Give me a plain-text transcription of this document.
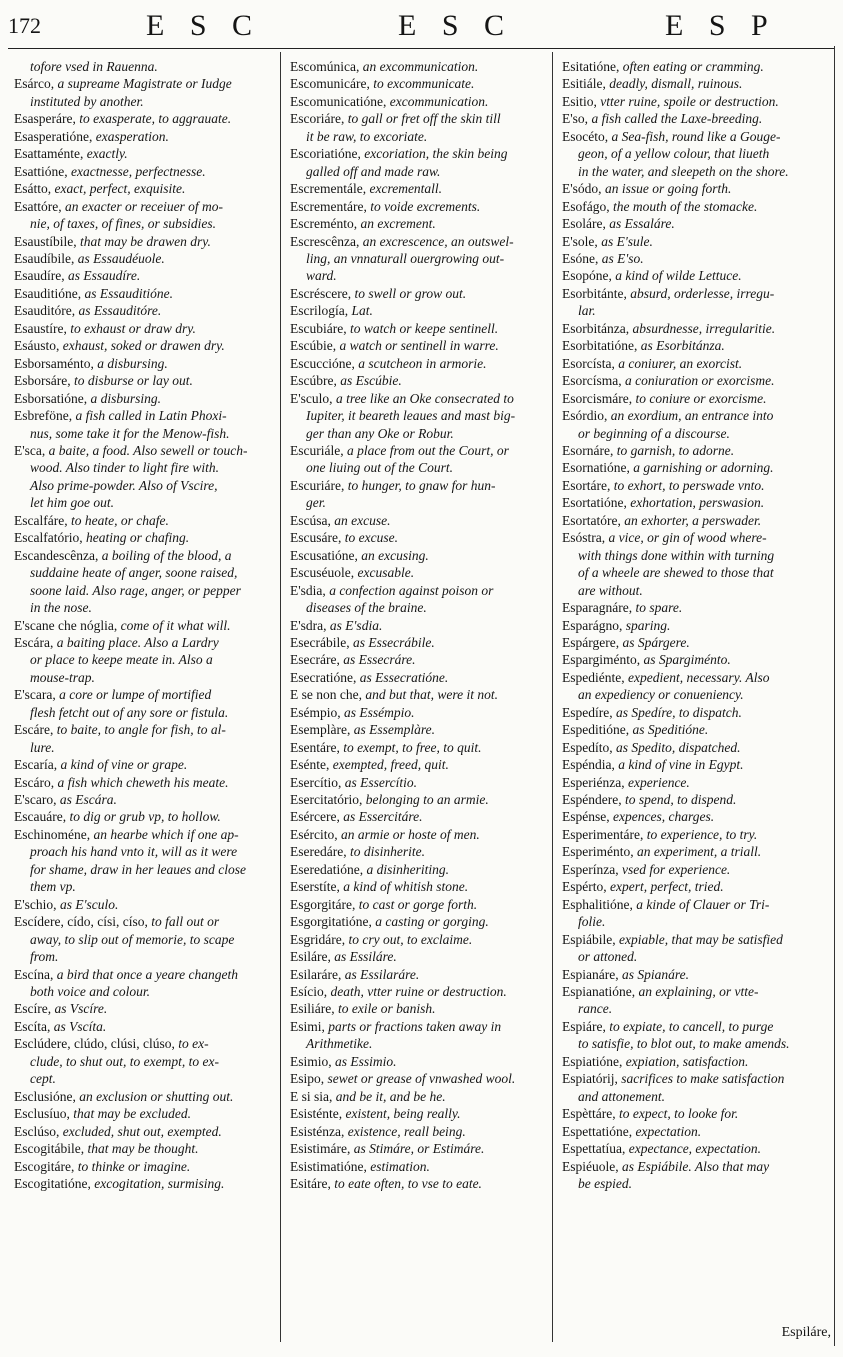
172	E S C	E S C	E S P
tofore vsed in Rauenna.
Esárco, a supreame Magistrate or Iudge
instituted by another.
Esasperáre, to exasperate, to aggrauate.
Esasperatióne, exasperation.
Esattaménte, exactly.
Esattióne, exactnesse, perfectnesse.
Esátto, exact, perfect, exquisite.
Esattóre, an exacter or receiuer of mo-
nie, of taxes, of fines, or subsidies.
Esaustíbile, that may be drawen dry.
Esaudíbile, as Essaudéuole.
Esaudíre, as Essaudíre.
Esauditióne, as Essauditióne.
Esauditóre, as Essauditóre.
Esaustíre, to exhaust or draw dry.
Esáusto, exhaust, soked or drawen dry.
Esborsaménto, a disbursing.
Esborsáre, to disburse or lay out.
Esborsatióne, a disbursing.
Esbreföne, a fish called in Latin Phoxi-
nus, some take it for the Menow-fish.
E'sca, a baite, a food. Also sewell or touch-
wood. Also tinder to light fire with.
Also prime-powder. Also of Vscire,
let him goe out.
Escalfáre, to heate, or chafe.
Escalfatório, heating or chafing.
Escandescênza, a boiling of the blood, a
suddaine heate of anger, soone raised,
soone laid. Also rage, anger, or pepper
in the nose.
E'scane che nóglia, come of it what will.
Escára, a baiting place. Also a Lardry
or place to keepe meate in. Also a
mouse-trap.
E'scara, a core or lumpe of mortified
flesh fetcht out of any sore or fistula.
Escáre, to baite, to angle for fish, to al-
lure.
Escaría, a kind of vine or grape.
Escáro, a fish which cheweth his meate.
E'scaro, as Escára.
Escauáre, to dig or grub vp, to hollow.
Eschinoméne, an hearbe which if one ap-
proach his hand vnto it, will as it were
for shame, draw in her leaues and close
them vp.
E'schio, as E'sculo.
Escídere, cído, císi, císo, to fall out or
away, to slip out of memorie, to scape
from.
Escína, a bird that once a yeare changeth
both voice and colour.
Escíre, as Vscíre.
Escíta, as Vscíta.
Esclúdere, clúdo, clúsi, clúso, to ex-
clude, to shut out, to exempt, to ex-
cept.
Esclusióne, an exclusion or shutting out.
Esclusíuo, that may be excluded.
Esclúso, excluded, shut out, exempted.
Escogitábile, that may be thought.
Escogitáre, to thinke or imagine.
Escogitatióne, excogitation, surmising.
Escomúnica, an excommunication.
Escomunicáre, to excommunicate.
Escomunicatióne, excommunication.
Escoriáre, to gall or fret off the skin till
it be raw, to excoriate.
Escoriatióne, excoriation, the skin being
galled off and made raw.
Escrementále, excrementall.
Escrementáre, to voide excrements.
Escreménto, an excrement.
Escrescênza, an excrescence, an outswel-
ling, an vnnaturall ouergrowing out-
ward.
Escréscere, to swell or grow out.
Escrilogía, Lat.
Escubiáre, to watch or keepe sentinell.
Escúbie, a watch or sentinell in warre.
Escuccióne, a scutcheon in armorie.
Escúbre, as Escúbie.
E'sculo, a tree like an Oke consecrated to
Iupiter, it beareth leaues and mast big-
ger than any Oke or Robur.
Escuriále, a place from out the Court, or
one liuing out of the Court.
Escuriáre, to hunger, to gnaw for hun-
ger.
Escúsa, an excuse.
Escusáre, to excuse.
Escusatióne, an excusing.
Escuséuole, excusable.
E'sdia, a confection against poison or
diseases of the braine.
E'sdra, as E'sdia.
Esecrábile, as Essecrábile.
Esecráre, as Essecráre.
Esecratióne, as Essecratióne.
E se non che, and but that, were it not.
Esémpio, as Essémpio.
Esemplàre, as Essemplàre.
Esentáre, to exempt, to free, to quit.
Esénte, exempted, freed, quit.
Esercítio, as Essercítio.
Esercitatório, belonging to an armie.
Esércere, as Essercitáre.
Esército, an armie or hoste of men.
Eseredáre, to disinherite.
Eseredatióne, a disinheriting.
Eserstíte, a kind of whitish stone.
Esgorgitáre, to cast or gorge forth.
Esgorgitatióne, a casting or gorging.
Esgridáre, to cry out, to exclaime.
Esiláre, as Essiláre.
Esilaráre, as Essilaráre.
Esício, death, vtter ruine or destruction.
Esiliáre, to exile or banish.
Esimi, parts or fractions taken away in
Arithmetike.
Esimio, as Essimio.
Esipo, sewet or grease of vnwashed wool.
E si sia, and be it, and be he.
Esisténte, existent, being really.
Esisténza, existence, reall being.
Esistimáre, as Stimáre, or Estimáre.
Esistimatióne, estimation.
Esitáre, to eate often, to vse to eate.
Esitatióne, often eating or cramming.
Esitiále, deadly, dismall, ruinous.
Esitio, vtter ruine, spoile or destruction.
E'so, a fish called the Laxe-breeding.
Esocéto, a Sea-fish, round like a Gouge-
geon, of a yellow colour, that liueth
in the water, and sleepeth on the shore.
E'sódo, an issue or going forth.
Esofágo, the mouth of the stomacke.
Esoláre, as Essaláre.
E'sole, as E'sule.
Esóne, as E'so.
Esopóne, a kind of wilde Lettuce.
Esorbitánte, absurd, orderlesse, irregu-
lar.
Esorbitánza, absurdnesse, irregularitie.
Esorbitatióne, as Esorbitánza.
Esorcísta, a coniurer, an exorcist.
Esorcísma, a coniuration or exorcisme.
Esorcismáre, to coniure or exorcisme.
Esórdio, an exordium, an entrance into
or beginning of a discourse.
Esornáre, to garnish, to adorne.
Esornatióne, a garnishing or adorning.
Esortáre, to exhort, to perswade vnto.
Esortatióne, exhortation, perswasion.
Esortatóre, an exhorter, a perswader.
Esóstra, a vice, or gin of wood where-
with things done within with turning
of a wheele are shewed to those that
are without.
Esparagnáre, to spare.
Esparágno, sparing.
Espárgere, as Spárgere.
Espargiménto, as Spargiménto.
Espediénte, expedient, necessary. Also
an expediency or conueniency.
Espedíre, as Spedíre, to dispatch.
Espeditióne, as Speditióne.
Espedíto, as Spedito, dispatched.
Espéndia, a kind of vine in Egypt.
Esperiénza, experience.
Espéndere, to spend, to dispend.
Espénse, expences, charges.
Esperimentáre, to experience, to try.
Esperiménto, an experiment, a triall.
Esperínza, vsed for experience.
Espérto, expert, perfect, tried.
Esphalitióne, a kinde of Clauer or Tri-
folie.
Espiábile, expiable, that may be satisfied
or attoned.
Espianáre, as Spianáre.
Espianatióne, an explaining, or vtte-
rance.
Espiáre, to expiate, to cancell, to purge
to satisfie, to blot out, to make amends.
Espiatióne, expiation, satisfaction.
Espiatórij, sacrifices to make satisfaction
and attonement.
Espèttáre, to expect, to looke for.
Espettatióne, expectation.
Espettatíua, expectance, expectation.
Espiéuole, as Espiábile. Also that may
be espied.
Espiláre,
